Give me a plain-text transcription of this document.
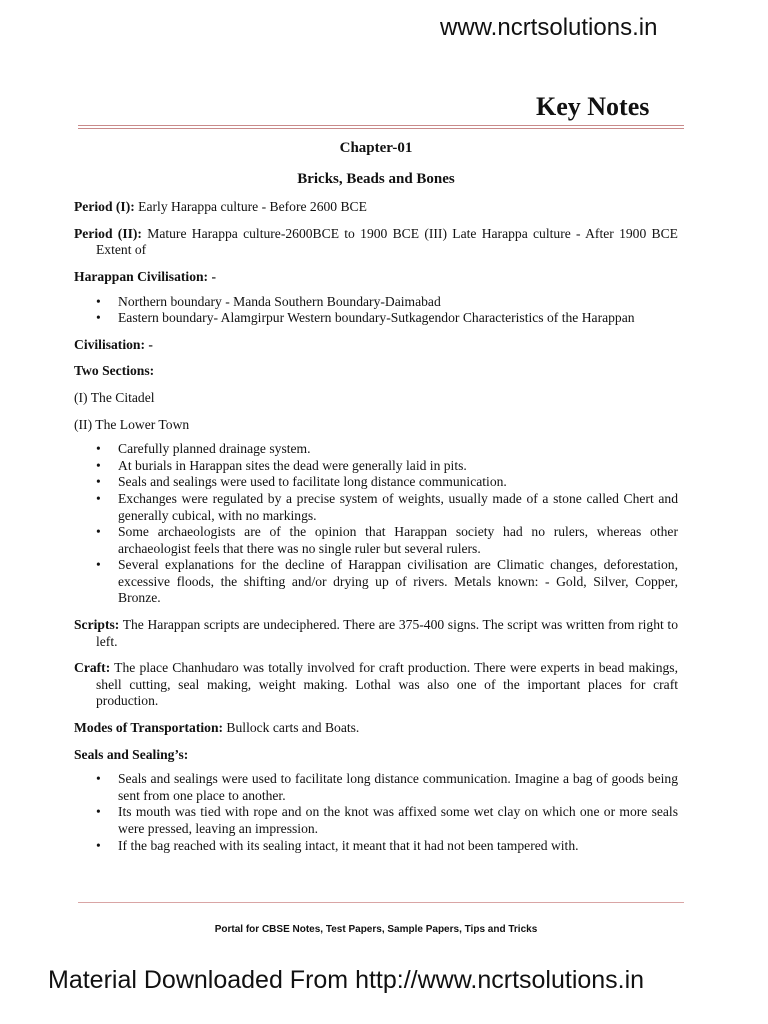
www.ncrtsolutions.in
Key Notes
Chapter-01
Bricks, Beads and Bones

Period (I): Early Harappa culture - Before 2600 BCE

Period (II): Mature Harappa culture-2600BCE to 1900 BCE (III) Late Harappa culture - After 1900 BCE Extent of

Harappan Civilisation: -

• Northern boundary - Manda Southern Boundary-Daimabad
• Eastern boundary- Alamgirpur Western boundary-Sutkagendor Characteristics of the Harappan

Civilisation: -

Two Sections:

(I) The Citadel

(II) The Lower Town

• Carefully planned drainage system.
• At burials in Harappan sites the dead were generally laid in pits.
• Seals and sealings were used to facilitate long distance communication.
• Exchanges were regulated by a precise system of weights, usually made of a stone called Chert and generally cubical, with no markings.
• Some archaeologists are of the opinion that Harappan society had no rulers, whereas other archaeologist feels that there was no single ruler but several rulers.
• Several explanations for the decline of Harappan civilisation are Climatic changes, deforestation, excessive floods, the shifting and/or drying up of rivers. Metals known: - Gold, Silver, Copper, Bronze.

Scripts: The Harappan scripts are undeciphered. There are 375-400 signs. The script was written from right to left.

Craft: The place Chanhudaro was totally involved for craft production. There were experts in bead makings, shell cutting, seal making, weight making. Lothal was also one of the important places for craft production.

Modes of Transportation: Bullock carts and Boats.

Seals and Sealing’s:

• Seals and sealings were used to facilitate long distance communication. Imagine a bag of goods being sent from one place to another.
• Its mouth was tied with rope and on the knot was affixed some wet clay on which one or more seals were pressed, leaving an impression.
• If the bag reached with its sealing intact, it meant that it had not been tampered with.
Portal for CBSE Notes, Test Papers, Sample Papers, Tips and Tricks
Material Downloaded From http://www.ncrtsolutions.in
